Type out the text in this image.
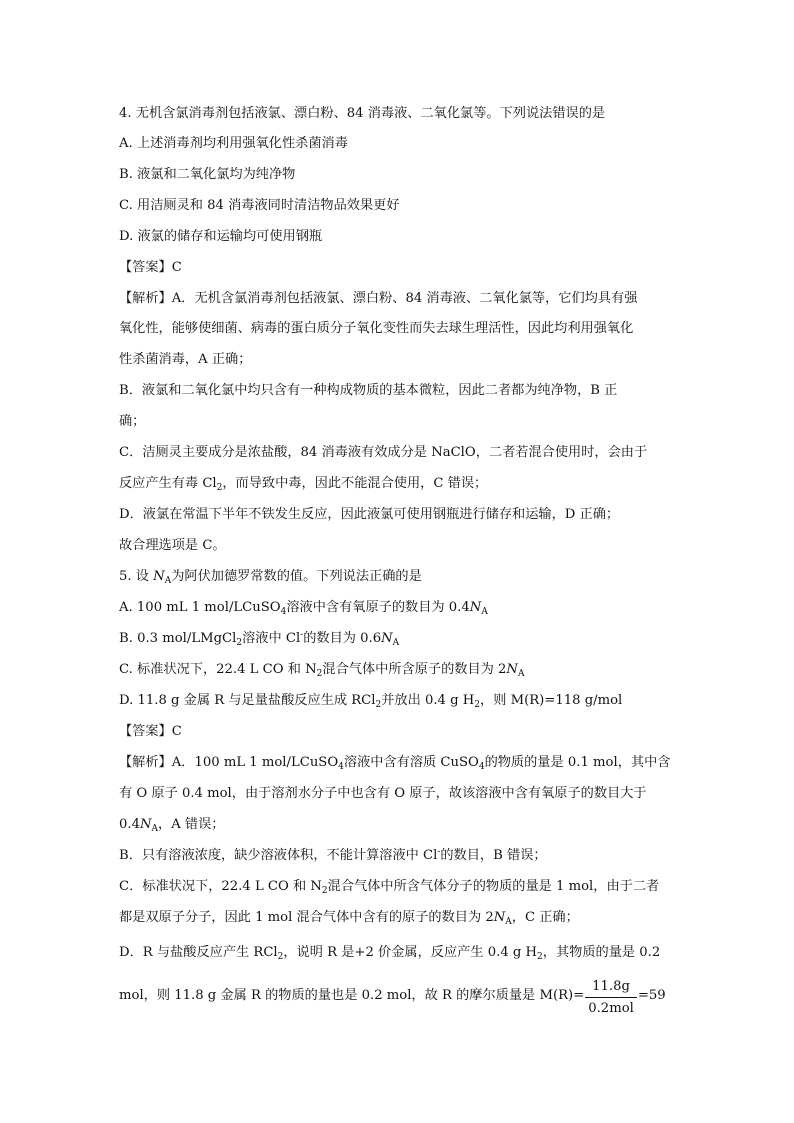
4. 无机含氯消毒剂包括液氯、漂白粉、84 消毒液、二氧化氯等。下列说法错误的是
A. 上述消毒剂均利用强氧化性杀菌消毒
B. 液氯和二氧化氯均为纯净物
C. 用洁厕灵和 84 消毒液同时清洁物品效果更好
D. 液氯的储存和运输均可使用钢瓶
【答案】C
【解析】A．无机含氯消毒剂包括液氯、漂白粉、84 消毒液、二氧化氯等，它们均具有强
氧化性，能够使细菌、病毒的蛋白质分子氧化变性而失去球生理活性，因此均利用强氧化
性杀菌消毒，A 正确；
B．液氯和二氧化氯中均只含有一种构成物质的基本微粒，因此二者都为纯净物，B 正
确；
C．洁厕灵主要成分是浓盐酸，84 消毒液有效成分是 NaClO，二者若混合使用时，会由于
反应产生有毒 $Cl_2$，而导致中毒，因此不能混合使用，C 错误；
D．液氯在常温下半年不铁发生反应，因此液氯可使用钢瓶进行储存和运输，D 正确；
故合理选项是 C。
5. 设 $N_A$为阿伏加德罗常数的值。下列说法正确的是
A. 100 mL 1 mol/LCuSO$_4$溶液中含有氧原子的数目为 $0.4N_A$
B. 0.3 mol/LMgCl$_2$溶液中 Cl-的数目为 $0.6N_A$
C. 标准状况下，22.4 L CO 和 $N_2$混合气体中所含原子的数目为 $2N_A$
D. 11.8 g 金属 R 与足量盐酸反应生成 RCl$_2$并放出 0.4 g $H_2$，则 M(R)=118 g/mol
【答案】C
【解析】A．100 mL 1 mol/LCuSO$_4$溶液中含有溶质 CuSO$_4$的物质的量是 0.1 mol，其中含
有 O 原子 0.4 mol，由于溶剂水分子中也含有 O 原子，故该溶液中含有氧原子的数目大于
$0.4N_A$，A 错误；
B．只有溶液浓度，缺少溶液体积，不能计算溶液中 Cl-的数目，B 错误；
C．标准状况下，22.4 L CO 和 $N_2$混合气体中所含气体分子的物质的量是 1 mol，由于二者
都是双原子分子，因此 1 mol 混合气体中含有的原子的数目为 $2N_A$，C 正确；
D．R 与盐酸反应产生 RCl$_2$，说明 R 是+2 价金属，反应产生 0.4 g $H_2$，其物质的量是 0.2
mol，则 11.8 g 金属 R 的物质的量也是 0.2 mol，故 R 的摩尔质量是 $M(R)= \frac{11.8g}{\text{0.2mol}} =59$
